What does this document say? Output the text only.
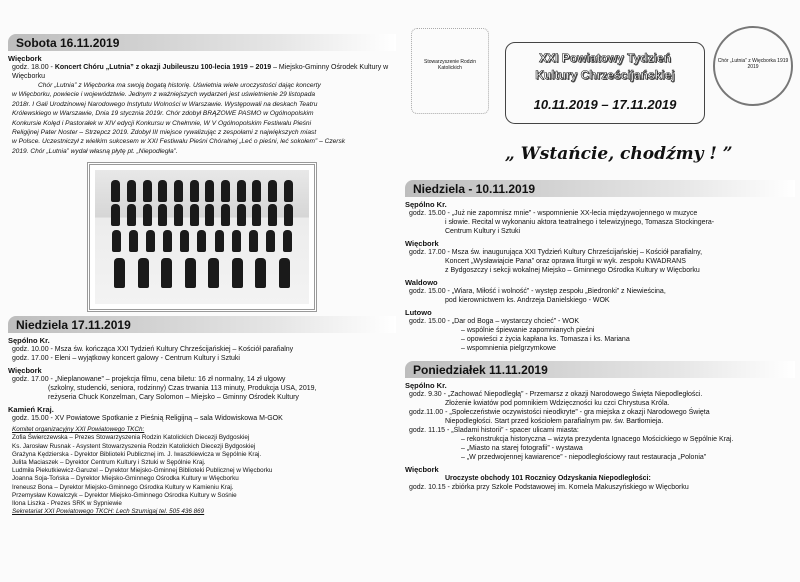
Sobota 16.11.2019
Więcbork
godz. 18.00 - Koncert Chóru „Lutnia” z okazji Jubileuszu 100-lecia 1919 – 2019 – Miejsko-Gminny Ośrodek Kultury w Więcborku
Chór „Lutnia” z Więcborka ma swoją bogatą historię. Uświetnia wiele uroczystości dając koncerty
w Więcborku, powiecie i województwie. Jednym z ważniejszych wydarzeń jest uświetnienie 29 listopada
2018r. I Gali Urodzinowej Narodowego Instytutu Wolności w Warszawie. Występowali na deskach Teatru
Królewskiego w Warszawie, Dnia 19 stycznia 2019r. Chór zdobył BRĄZOWE PASMO w Ogólnopolskim
Konkursie Kolęd i Pastorałek w XIV edycji Konkursu w Chełmnie, W V Ogólnopolskim Festiwalu Pieśni
Religijnej Pater Noster – Strzepcz 2019. Zdobył III miejsce rywalizując z zespołami z największych miast
w Polsce. Uczestniczył z wielkim sukcesem w XXI Festiwalu Pieśni Chóralnej „Leć o pieśni, leć sokołem” – Czersk
2019. Chór „Lutnia” wydał własną płytę pt. „Niepodległa”.
Niedziela 17.11.2019
Sępólno Kr.
godz. 10.00 - Msza św. kończąca XXI Tydzień Kultury Chrześcijańskiej – Kościół parafialny
godz. 17.00 - Eleni – wyjątkowy koncert galowy - Centrum Kultury i Sztuki
Więcbork
godz. 17.00 - „Nieplanowane” – projekcja filmu, cena biletu: 16 zł normalny, 14 zł ulgowy
(szkolny, studencki, seniora, rodzinny) Czas trwania 113 minuty, Produkcja USA, 2019,
reżyseria Chuck Konzelman, Cary Solomon – Miejsko – Gminny Ośrodek Kultury
Kamień Kraj.
godz. 15.00 - XV Powiatowe Spotkanie z Pieśnią Religijną – sala Widowiskowa M-GOK
Komitet organizacyjny XXI Powiatowego TKCh:
Zofia Świerczewska – Prezes Stowarzyszenia Rodzin Katolickich Diecezji Bydgoskiej
Ks. Jarosław Rusnak - Asystent Stowarzyszenia Rodzin Katolickich Diecezji Bydgoskiej
Grażyna Kędzierska - Dyrektor Biblioteki Publicznej im. J. Iwaszkiewicza w Sępólnie Kraj.
Julita Maciaszek – Dyrektor Centrum Kultury i Sztuki w Sępólnie Kraj.
Ludmiła Piekutkiewicz-Garuzel – Dyrektor Miejsko-Gminnej Biblioteki Publicznej w Więcborku
Joanna Soja-Tońska – Dyrektor Miejsko-Gminnego Ośrodka Kultury w Więcborku
Ireneusz Bona – Dyrektor Miejsko-Gminnego Ośrodka Kultury w Kamieniu Kraj.
Przemysław Kowalczyk – Dyrektor Miejsko-Gminnego Ośrodka Kultury w Sośnie
Ilona Liszka - Prezes SRK w Sypniewie
Sekretariat XXI Powiatowego TKCH: Lech Szumigaj tel. 505 436 869
Stowarzyszenie Rodzin Katolickich
XXI Powiatowy Tydzień
Kultury Chrześcijańskiej
10.11.2019 – 17.11.2019
Chór „Lutnia” z Więcborka 1919 2019
„ Wstańcie, chodźmy ! ”
Niedziela - 10.11.2019
Sępólno Kr.
godz. 15.00 - „Już nie zapomnisz mnie” - wspomnienie XX-lecia międzywojennego w muzyce
i słowie. Recital w wykonaniu aktora teatralnego i telewizyjnego, Tomasza Stockingera-
Centrum Kultury i Sztuki
Więcbork
godz. 17.00 - Msza św. inaugurująca XXI Tydzień Kultury Chrześcijańskiej – Kościół parafialny,
Koncert „Wysławiajcie Pana” oraz oprawa liturgii w wyk. zespołu KWADRANS
z Bydgoszczy i sekcji wokalnej Miejsko – Gminnego Ośrodka Kultury w Więcborku
Waldowo
godz. 15.00 - „Wiara, Miłość i wolność” - występ zespołu „Biedronki” z Niewieścina,
pod kierownictwem ks. Andrzeja Danielskiego - WOK
Lutowo
godz. 15.00 - „Dar od Boga – wystarczy chcieć” - WOK
– wspólnie śpiewanie zapomnianych pieśni
– opowieści z życia kapłana ks. Tomasza i ks. Mariana
– wspomnienia pielgrzymkowe
Poniedziałek 11.11.2019
Sępólno Kr.
godz. 9.30 - „Zachować Niepodległą” - Przemarsz z okazji Narodowego Święta Niepodległości.
Złożenie kwiatów pod pomnikiem Wdzięczności ku czci Chrystusa Króla.
godz.11.00 - „Społeczeństwie oczywistości nieodkryte” - gra miejska z okazji Narodowego Święta
Niepodległości. Start przed kościołem parafialnym pw. św. Bartłomieja.
godz. 11.15 - „Śladami historii” - spacer ulicami miasta:
– rekonstrukcja historyczna – wizyta prezydenta Ignacego Mościckiego w Sępólnie Kraj.
– „Miasto na starej fotografii” - wystawa
– „W przedwojennej kawiarence” - niepodległościowy raut restauracja „Polonia”
Więcbork
Uroczyste obchody 101 Rocznicy Odzyskania Niepodległości:
godz. 10.15 - zbiórka przy Szkole Podstawowej im. Kornela Makuszyńskiego w Więcborku
